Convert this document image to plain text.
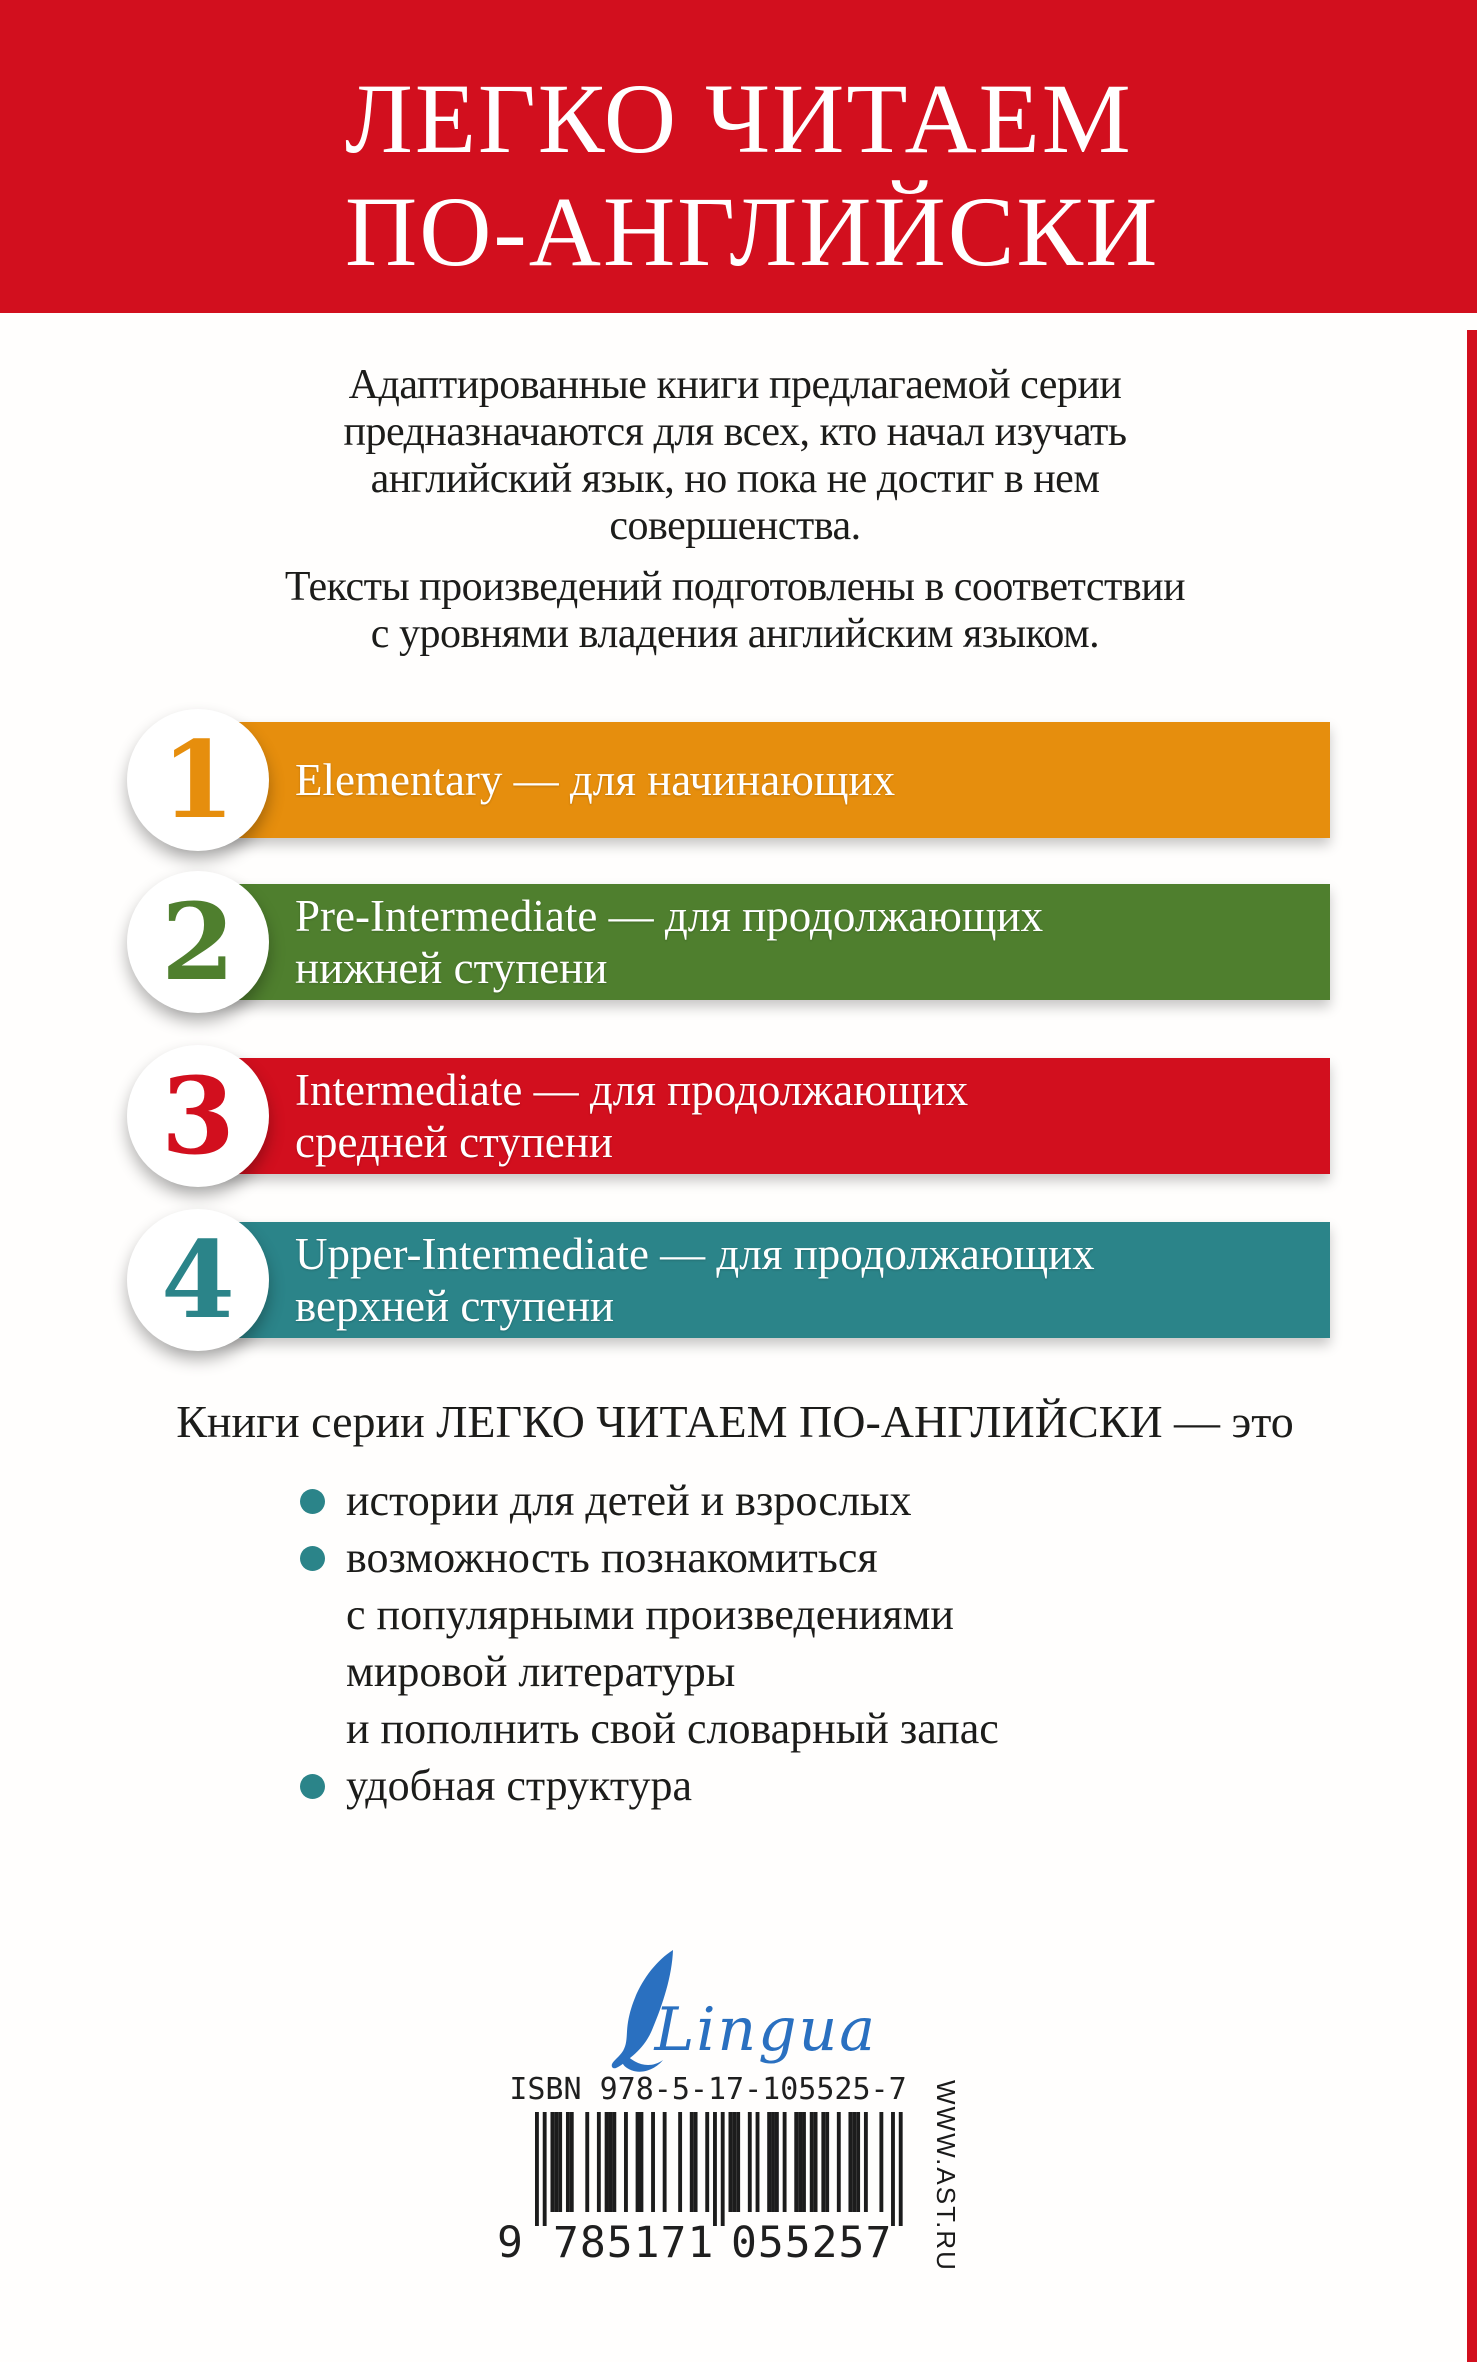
ЛЕГКО ЧИТАЕМ
ПО-АНГЛИЙСКИ
Адаптированные книги предлагаемой серии
предназначаются для всех, кто начал изучать
английский язык, но пока не достиг в нем
совершенства.
Тексты произведений подготовлены в соответствии
с уровнями владения английским языком.
1	Elementary — для начинающих
2	Pre-Intermediate — для продолжающих
нижней ступени
3	Intermediate — для продолжающих
средней ступени
4	Upper-Intermediate — для продолжающих
верхней ступени
Книги серии ЛЕГКО ЧИТАЕМ ПО-АНГЛИЙСКИ — это
истории для детей и взрослых
возможность познакомиться
с популярными произведениями
мировой литературы
и пополнить свой словарный запас
удобная структура
Lingua
ISBN 978-5-17-105525-7
9 785171 055257 WWW.AST.RU
